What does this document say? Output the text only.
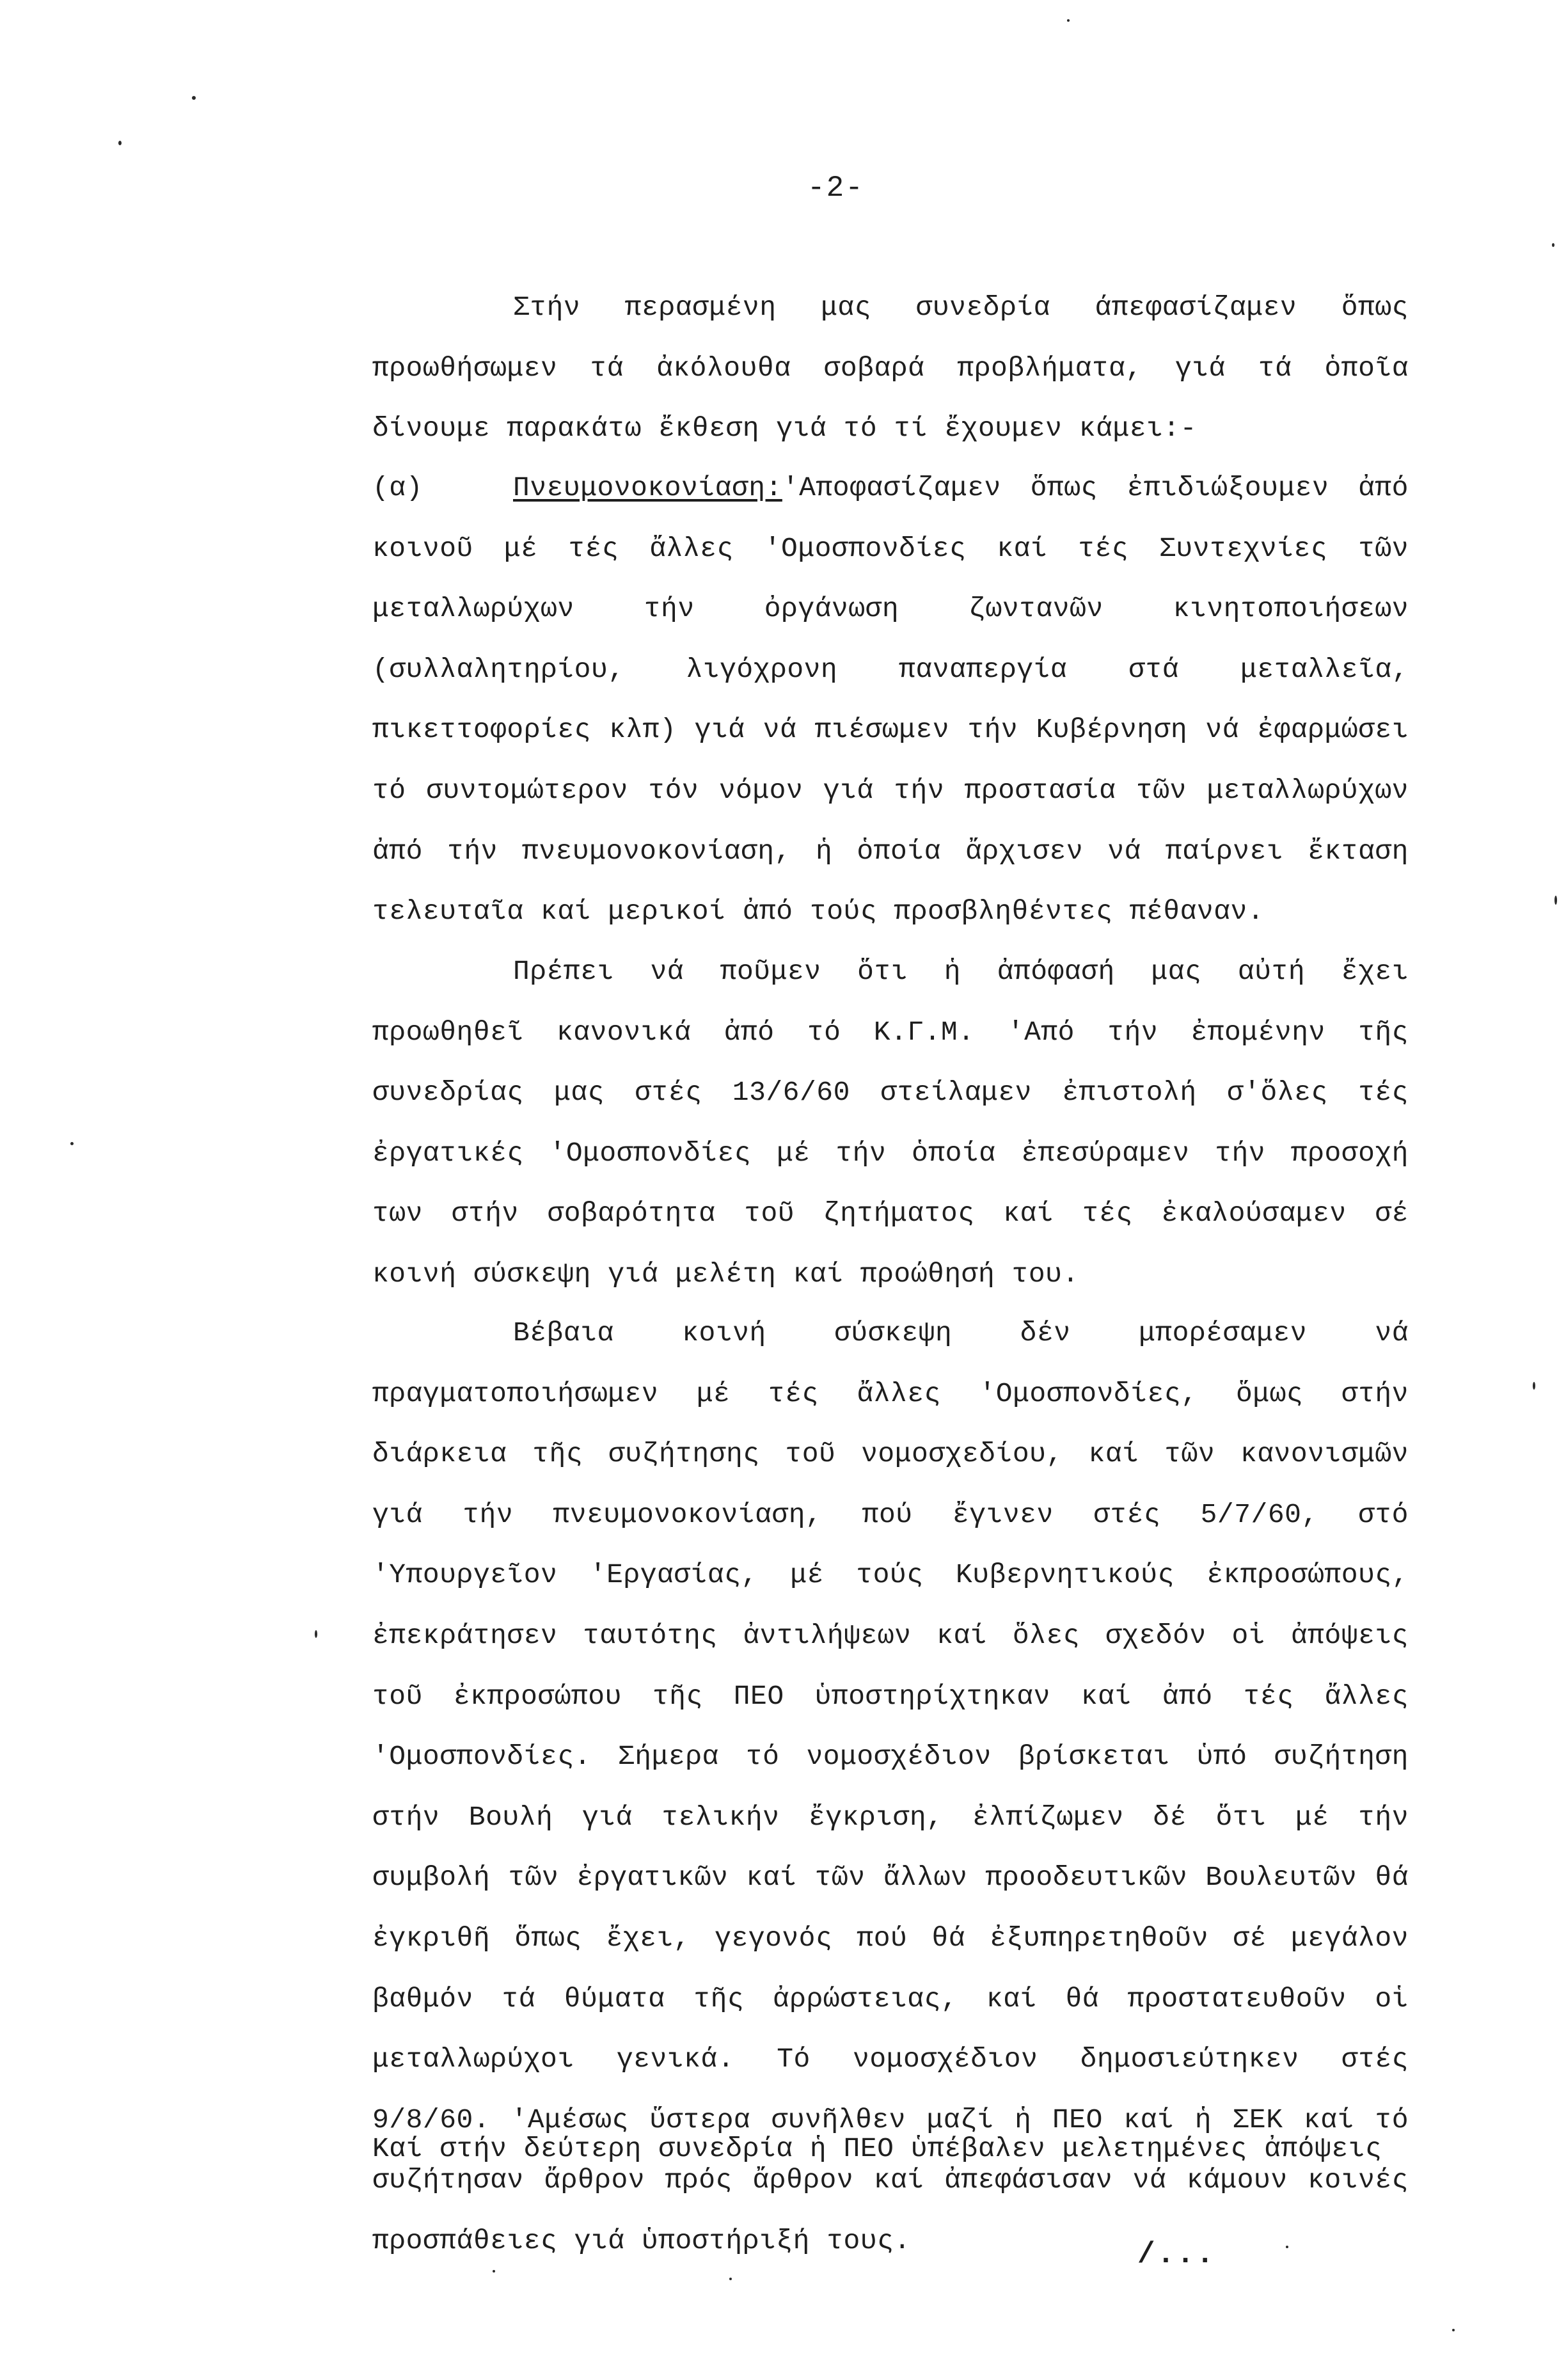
-2-

Στήν περασμένη μας συνεδρία άπεφασίζαμεν ὅπως προωθήσωμεν τά ἀκόλουθα σοβαρά προβλήματα, γιά τά ὁποῖα δίνουμε παρακάτω ἔκθεση γιά τό τί ἔχουμεν κάμει:-

(α)	Πνευμονοκονίαση:'Αποφασίζαμεν ὅπως ἐπιδιώξουμεν ἀπό κοινοῦ μέ τές ἄλλες 'Ομοσπονδίες καί τές Συντεχνίες τῶν μεταλλωρύχων τήν ὀργάνωση ζωντανῶν κινητοποιήσεων (συλλαλητηρίου, λιγόχρονη παναπεργία στά μεταλλεῖα, πικεττοφορίες κλπ) γιά νά πιέσωμεν τήν Κυβέρνηση νά ἐφαρμώσει τό συντομώτερον τόν νόμον γιά τήν προστασία τῶν μεταλλωρύχων ἀπό τήν πνευμονοκονίαση, ἡ ὁποία ἄρχισεν νά παίρνει ἔκταση τελευταῖα καί μερικοί ἀπό τούς προσβληθέντες πέθαναν.

Πρέπει νά ποῦμεν ὅτι ἡ ἀπόφασή μας αὐτή ἔχει προωθηθεῖ κανονικά ἀπό τό Κ.Γ.Μ. 'Από τήν ἐπομένην τῆς συνεδρίας μας στές 13/6/60 στείλαμεν ἐπιστολή σ'ὅλες τές ἐργατικές 'Ομοσπονδίες μέ τήν ὁποία ἐπεσύραμεν τήν προσοχή των στήν σοβαρότητα τοῦ ζητήματος καί τές ἐκαλούσαμεν σέ κοινή σύσκεψη γιά μελέτη καί προώθησή του.

Βέβαια κοινή σύσκεψη δέν μπορέσαμεν νά πραγματοποιήσωμεν μέ τές ἄλλες 'Ομοσπονδίες, ὅμως στήν διάρκεια τῆς συζήτησης τοῦ νομοσχεδίου, καί τῶν κανονισμῶν γιά τήν πνευμονοκονίαση, πού ἔγινεν στές 5/7/60, στό 'Υπουργεῖον 'Εργασίας, μέ τούς Κυβερνητικούς ἐκπροσώπους, ἐπεκράτησεν ταυτότης ἀντιλήψεων καί ὅλες σχεδόν οἱ ἀπόψεις τοῦ ἐκπροσώπου τῆς ΠΕΟ ὑποστηρίχτηκαν καί ἀπό τές ἄλλες 'Ομοσπονδίες. Σήμερα τό νομοσχέδιον βρίσκεται ὑπό συζήτηση στήν Βουλή γιά τελικήν ἔγκριση, ἐλπίζωμεν δέ ὅτι μέ τήν συμβολή τῶν ἐργατικῶν καί τῶν ἄλλων προοδευτικῶν Βουλευτῶν θά ἐγκριθῆ ὅπως ἔχει, γεγονός πού θά ἐξυπηρετηθοῦν σέ μεγάλον βαθμόν τά θύματα τῆς ἀρρώστειας, καί θά προστατευθοῦν οἱ μεταλλωρύχοι γενικά. Τό νομοσχέδιον δημοσιεύτηκεν στές 9/8/60. 'Αμέσως ὕστερα συνῆλθεν μαζί ἡ ΠΕΟ καί ἡ ΣΕΚ καί τό συζήτησαν ἄρθρον πρός ἄρθρον καί ἀπεφάσισαν νά κάμουν κοινές προσπάθειες γιά ὑποστήριξή τους.

Καί στήν δεύτερη συνεδρία ἡ ΠΕΟ ὑπέβαλεν μελετημένες ἀπόψεις
/...
